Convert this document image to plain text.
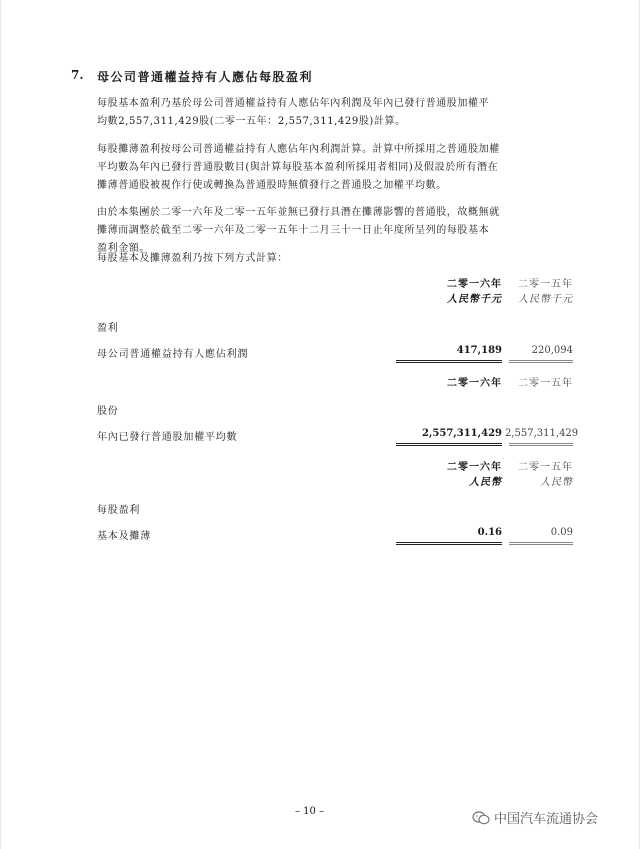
7. 母公司普通權益持有人應佔每股盈利
每股基本盈利乃基於母公司普通權益持有人應佔年內利潤及年內已發行普通股加權平
均數2,557,311,429股(二零一五年：2,557,311,429股)計算。
每股攤薄盈利按母公司普通權益持有人應佔年內利潤計算。計算中所採用之普通股加權
平均數為年內已發行普通股數目(與計算每股基本盈利所採用者相同)及假設於所有潛在
攤薄普通股被視作行使或轉換為普通股時無償發行之普通股之加權平均數。
由於本集團於二零一六年及二零一五年並無已發行具潛在攤薄影響的普通股，故概無就
攤薄而調整於截至二零一六年及二零一五年十二月三十一日止年度所呈列的每股基本
盈利金額。
每股基本及攤薄盈利乃按下列方式計算：
二零一六年	二零一五年
人民幣千元	人民幣千元
盈利
母公司普通權益持有人應佔利潤	417,189	220,094
二零一六年	二零一五年
股份
年內已發行普通股加權平均數	2,557,311,429 2,557,311,429
二零一六年	二零一五年
人民幣	人民幣
每股盈利
基本及攤薄	0.16	0.09
– 10 –
中国汽车流通协会
